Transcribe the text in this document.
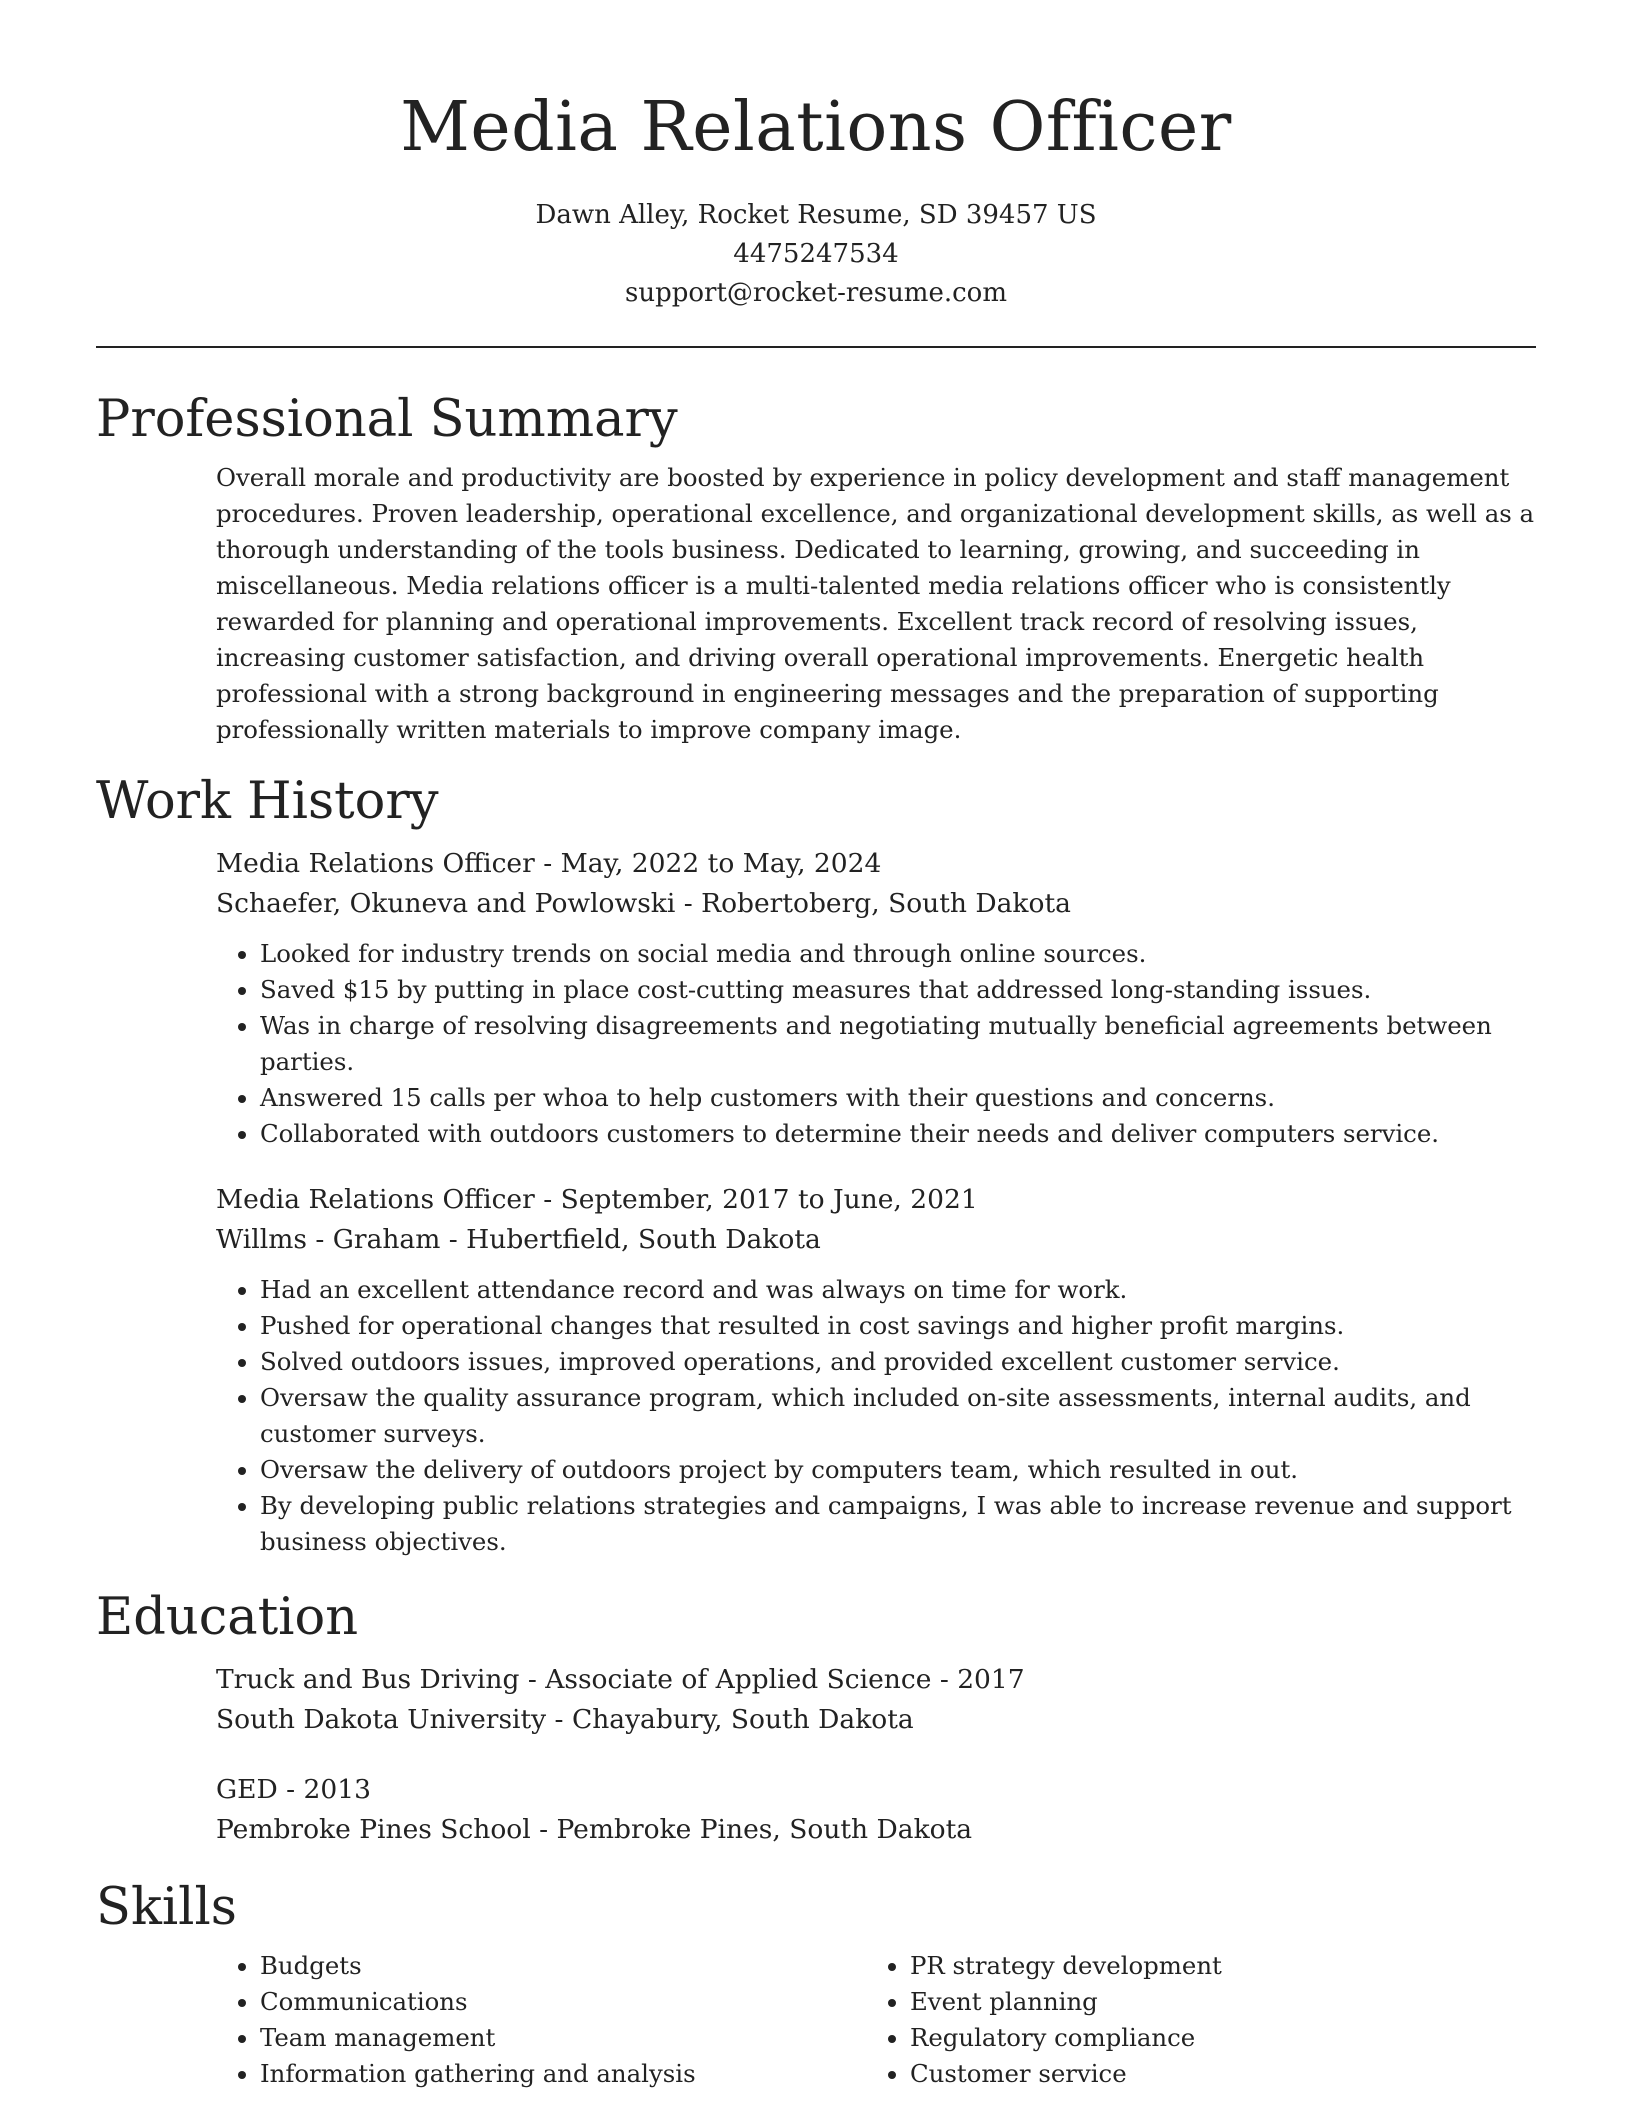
Media Relations Officer
Dawn Alley, Rocket Resume, SD 39457 US
4475247534
support@rocket-resume.com
Professional Summary

Overall morale and productivity are boosted by experience in policy development and staff management procedures. Proven leadership, operational excellence, and organizational development skills, as well as a thorough understanding of the tools business. Dedicated to learning, growing, and succeeding in miscellaneous. Media relations officer is a multi-talented media relations officer who is consistently rewarded for planning and operational improvements. Excellent track record of resolving issues, increasing customer satisfaction, and driving overall operational improvements. Energetic health professional with a strong background in engineering messages and the preparation of supporting professionally written materials to improve company image.

Work History
Media Relations Officer - May, 2022 to May, 2024
Schaefer, Okuneva and Powlowski - Robertoberg, South Dakota
• Looked for industry trends on social media and through online sources.
• Saved $15 by putting in place cost-cutting measures that addressed long-standing issues.
• Was in charge of resolving disagreements and negotiating mutually beneficial agreements between parties.
• Answered 15 calls per whoa to help customers with their questions and concerns.
• Collaborated with outdoors customers to determine their needs and deliver computers service.
Media Relations Officer - September, 2017 to June, 2021
Willms - Graham - Hubertfield, South Dakota
• Had an excellent attendance record and was always on time for work.
• Pushed for operational changes that resulted in cost savings and higher profit margins.
• Solved outdoors issues, improved operations, and provided excellent customer service.
• Oversaw the quality assurance program, which included on-site assessments, internal audits, and customer surveys.
• Oversaw the delivery of outdoors project by computers team, which resulted in out.
• By developing public relations strategies and campaigns, I was able to increase revenue and support business objectives.
Education
Truck and Bus Driving - Associate of Applied Science - 2017
South Dakota University - Chayabury, South Dakota
GED - 2013
Pembroke Pines School - Pembroke Pines, South Dakota
Skills
• Budgets
• Communications
• Team management
• Information gathering and analysis
• PR strategy development
• Event planning
• Regulatory compliance
• Customer service
